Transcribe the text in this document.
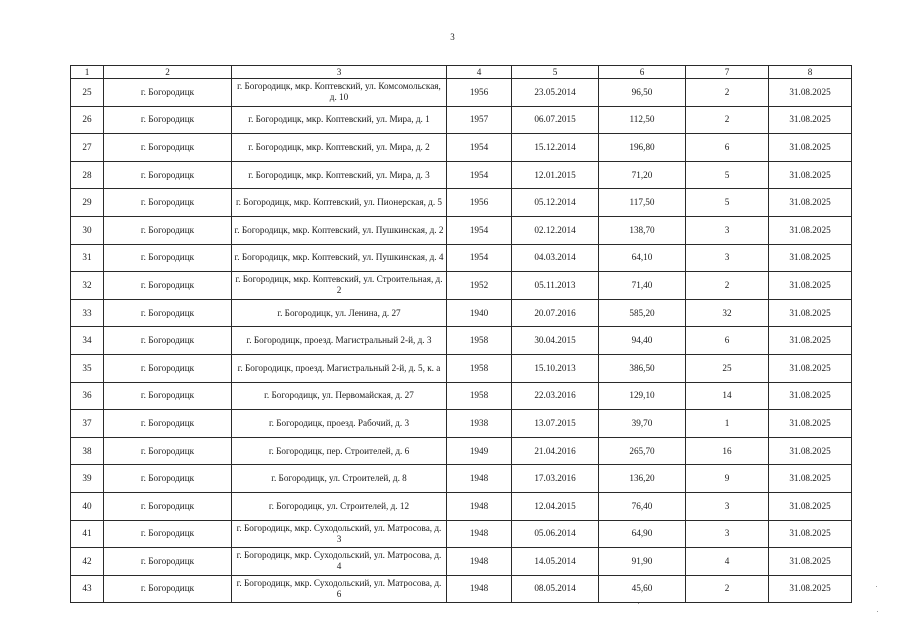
3
1	2	3	4	5	6	7	8
25	г. Богородицк	г. Богородицк, мкр. Коптевский, ул. Комсомольская, д. 10	1956	23.05.2014	96,50	2	31.08.2025
26	г. Богородицк	г. Богородицк, мкр. Коптевский, ул. Мира, д. 1	1957	06.07.2015	112,50	2	31.08.2025
27	г. Богородицк	г. Богородицк, мкр. Коптевский, ул. Мира, д. 2	1954	15.12.2014	196,80	6	31.08.2025
28	г. Богородицк	г. Богородицк, мкр. Коптевский, ул. Мира, д. 3	1954	12.01.2015	71,20	5	31.08.2025
29	г. Богородицк	г. Богородицк, мкр. Коптевский, ул. Пионерская, д. 5	1956	05.12.2014	117,50	5	31.08.2025
30	г. Богородицк	г. Богородицк, мкр. Коптевский, ул. Пушкинская, д. 2	1954	02.12.2014	138,70	3	31.08.2025
31	г. Богородицк	г. Богородицк, мкр. Коптевский, ул. Пушкинская, д. 4	1954	04.03.2014	64,10	3	31.08.2025
32	г. Богородицк	г. Богородицк, мкр. Коптевский, ул. Строительная, д. 2	1952	05.11.2013	71,40	2	31.08.2025
33	г. Богородицк	г. Богородицк, ул. Ленина, д. 27	1940	20.07.2016	585,20	32	31.08.2025
34	г. Богородицк	г. Богородицк, проезд. Магистральный 2-й, д. 3	1958	30.04.2015	94,40	6	31.08.2025
35	г. Богородицк	г. Богородицк, проезд. Магистральный 2-й, д. 5, к. а	1958	15.10.2013	386,50	25	31.08.2025
36	г. Богородицк	г. Богородицк, ул. Первомайская, д. 27	1958	22.03.2016	129,10	14	31.08.2025
37	г. Богородицк	г. Богородицк, проезд. Рабочий, д. 3	1938	13.07.2015	39,70	1	31.08.2025
38	г. Богородицк	г. Богородицк, пер. Строителей, д. 6	1949	21.04.2016	265,70	16	31.08.2025
39	г. Богородицк	г. Богородицк, ул. Строителей, д. 8	1948	17.03.2016	136,20	9	31.08.2025
40	г. Богородицк	г. Богородицк, ул. Строителей, д. 12	1948	12.04.2015	76,40	3	31.08.2025
41	г. Богородицк	г. Богородицк, мкр. Суходольский, ул. Матросова, д. 3	1948	05.06.2014	64,90	3	31.08.2025
42	г. Богородицк	г. Богородицк, мкр. Суходольский, ул. Матросова, д. 4	1948	14.05.2014	91,90	4	31.08.2025
43	г. Богородицк	г. Богородицк, мкр. Суходольский, ул. Матросова, д. 6	1948	08.05.2014	45,60	2	31.08.2025
